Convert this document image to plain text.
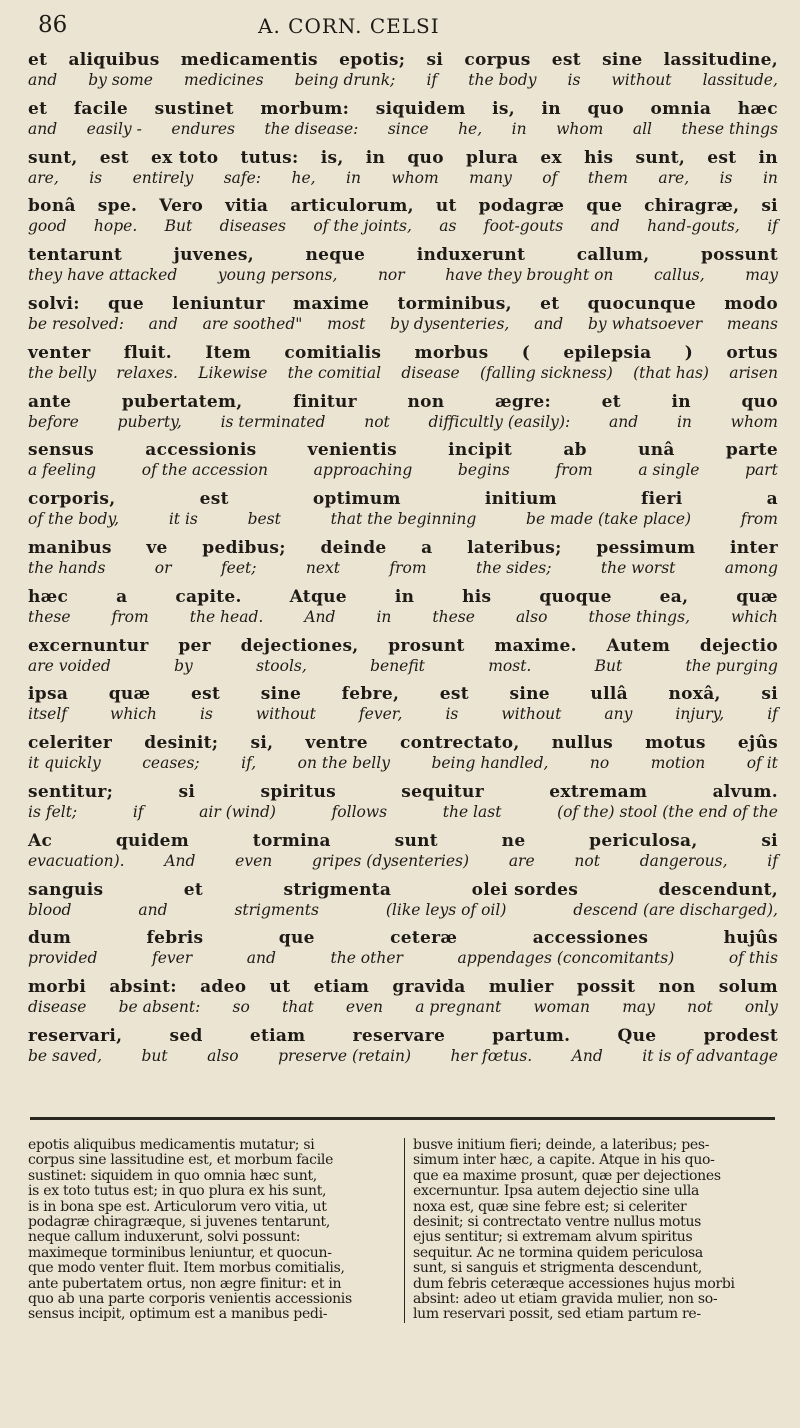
86	A. CORN. CELSI
et aliquibus medicamentis epotis; si corpus est sine lassitudine,
and by some medicines being drunk; if the body is without lassitude,
et facile sustinet morbum: siquidem is, in quo omnia hæc
and easily - endures the disease: since he, in whom all these things
sunt, est ex toto tutus: is, in quo plura ex his sunt, est in
are, is entirely safe: he, in whom many of them are, is in
bonâ spe. Vero vitia articulorum, ut podagræ que chiragræ, si
good hope. But diseases of the joints, as foot-gouts and hand-gouts, if
tentarunt	juvenes,	neque	induxerunt	callum,	possunt
they have attacked	young persons,	nor	have they brought on	callus,	may
solvi: que leniuntur maxime torminibus, et quocunque modo
be resolved: and are soothed" most by dysenteries, and by whatsoever means
venter fluit. Item comitialis morbus ( epilepsia ) ortus
the belly relaxes. Likewise the comitial disease (falling sickness) (that has) arisen
ante	pubertatem,	finitur	non	ægre:	et	in	quo
before	puberty,	is terminated	not	difficultly (easily):	and	in	whom
sensus	accessionis	venientis	incipit	ab	unâ	parte
a feeling	of the accession	approaching	begins	from	a single	part
corporis,	est	optimum	initium	fieri	a
of the body,	it is	best	that the beginning	be made (take place)	from
manibus ve pedibus; deinde a lateribus; pessimum inter
the hands	or	feet;	next	from	the sides;	the worst	among
hæc	a	capite.	Atque	in	his	quoque	ea,	quæ
these	from	the head.	And	in	these	also	those things,	which
excernuntur per dejectiones, prosunt maxime. Autem dejectio
are voided	by	stools,	benefit	most.	But	the purging
ipsa quæ est sine febre, est sine ullâ noxâ, si
itself	which	is	without	fever,	is	without	any	injury,	if
celeriter desinit; si, ventre contrectato, nullus motus ejûs
it quickly	ceases;	if,	on the belly	being handled,	no	motion	of it
sentitur;	si	spiritus	sequitur	extremam	alvum.
is felt;	if	air (wind)	follows	the last	(of the) stool (the end of the
Ac	quidem	tormina	sunt	ne	periculosa,	si
evacuation).	And	even	gripes (dysenteries)	are	not	dangerous,	if
sanguis	et	strigmenta	olei sordes	descendunt,
blood	and	strigments	(like leys of oil)	descend (are discharged),
dum	febris	que	ceteræ	accessiones	hujûs
provided	fever	and	the other	appendages (concomitants)	of this
morbi absint: adeo ut etiam gravida mulier possit non solum
disease be absent: so that even a pregnant woman may not only
reservari,	sed	etiam	reservare	partum.	Que	prodest
be saved,	but	also	preserve (retain)	her fœtus.	And	it is of advantage
epotis aliquibus medicamentis mutatur; si
corpus sine lassitudine est, et morbum facile
sustinet: siquidem in quo omnia hæc sunt,
is ex toto tutus est; in quo plura ex his sunt,
is in bona spe est. Articulorum vero vitia, ut
podagræ chiragræque, si juvenes tentarunt,
neque callum induxerunt, solvi possunt:
maximeque torminibus leniuntur, et quocun-
que modo venter fluit. Item morbus comitialis,
ante pubertatem ortus, non ægre finitur: et in
quo ab una parte corporis venientis accessionis
sensus incipit, optimum est a manibus pedi-
busve initium fieri; deinde, a lateribus; pes-
simum inter hæc, a capite. Atque in his quo-
que ea maxime prosunt, quæ per dejectiones
excernuntur. Ipsa autem dejectio sine ulla
noxa est, quæ sine febre est; si celeriter
desinit; si contrectato ventre nullus motus
ejus sentitur; si extremam alvum spiritus
sequitur. Ac ne tormina quidem periculosa
sunt, si sanguis et strigmenta descendunt,
dum febris ceteræque accessiones hujus morbi
absint: adeo ut etiam gravida mulier, non so-
lum reservari possit, sed etiam partum re-
